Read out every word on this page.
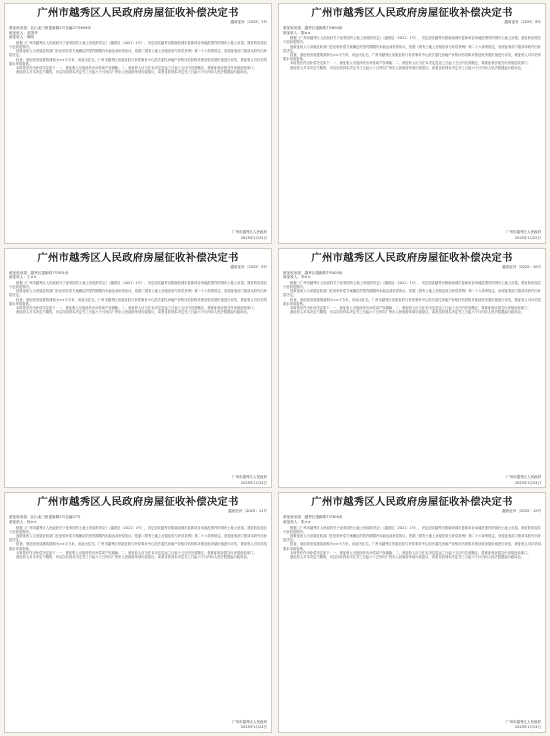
广州市越秀区人民政府房屋征收补偿决定书
越府征补〔2025〕7号
被征收房屋：北山北门里建新路2号自编27号809房
被征收人：宋国华
被征收人：陈明

根据《广州市越秀区人民政府关于征收国有土地上房屋的决定》（越府征〔2021〕1号），决定征收越秀北路南段城市更新项目用地范围内的国有土地上房屋。被征收房屋位于征收范围内。

因被征收人与房屋征收部门在征收补偿方案确定的签约期限内未能达成补偿协议，依据《国有土地上房屋征收与补偿条例》第二十六条的规定，房屋征收部门报请本府作出补偿决定。

经查，被征收房屋建筑面积为××平方米，用途为住宅。广州市越秀区房屋征收与补偿事务中心依法委托房地产价格评估机构对被征收房屋价值进行评估，被征收人对评估结果未申请复核。

本府依法作出补偿决定如下：一、被征收人可选择货币补偿或产权调换；二、被征收人应当在本决定送达之日起十五日内完成搬迁，将被征收房屋交付房屋征收部门。

被征收人对本决定不服的，可以自收到本决定书之日起六十日内向广州市人民政府申请行政复议，或者自收到本决定书之日起六个月内向人民法院提起行政诉讼。

广州市越秀区人民政府
2025年1月22日
广州市越秀区人民政府房屋征收补偿决定书
越府征补〔2025〕8号
被征收房屋：越秀区建新路7号604房
被征收人：陈××

根据《广州市越秀区人民政府关于征收国有土地上房屋的决定》（越府征〔2021〕1号），决定征收越秀北路南段城市更新项目用地范围内的国有土地上房屋。被征收房屋位于征收范围内。

因被征收人与房屋征收部门在征收补偿方案确定的签约期限内未能达成补偿协议，依据《国有土地上房屋征收与补偿条例》第二十六条的规定，房屋征收部门报请本府作出补偿决定。

经查，被征收房屋建筑面积为××平方米，用途为住宅。广州市越秀区房屋征收与补偿事务中心依法委托房地产价格评估机构对被征收房屋价值进行评估，被征收人对评估结果未申请复核。

本府依法作出补偿决定如下：一、被征收人可选择货币补偿或产权调换；二、被征收人应当在本决定送达之日起十五日内完成搬迁，将被征收房屋交付房屋征收部门。

被征收人对本决定不服的，可以自收到本决定书之日起六十日内向广州市人民政府申请行政复议，或者自收到本决定书之日起六个月内向人民法院提起行政诉讼。

广州市越秀区人民政府
2025年1月22日
广州市越秀区人民政府房屋征收补偿决定书
越府征补〔2025〕9号
被征收房屋：越秀区建新路7号501房
被征收人：王××

根据《广州市越秀区人民政府关于征收国有土地上房屋的决定》（越府征〔2021〕1号），决定征收越秀北路南段城市更新项目用地范围内的国有土地上房屋。被征收房屋位于征收范围内。

因被征收人与房屋征收部门在征收补偿方案确定的签约期限内未能达成补偿协议，依据《国有土地上房屋征收与补偿条例》第二十六条的规定，房屋征收部门报请本府作出补偿决定。

经查，被征收房屋建筑面积为××平方米，用途为住宅。广州市越秀区房屋征收与补偿事务中心依法委托房地产价格评估机构对被征收房屋价值进行评估，被征收人对评估结果未申请复核。

本府依法作出补偿决定如下：一、被征收人可选择货币补偿或产权调换；二、被征收人应当在本决定送达之日起十五日内完成搬迁，将被征收房屋交付房屋征收部门。

被征收人对本决定不服的，可以自收到本决定书之日起六十日内向广州市人民政府申请行政复议，或者自收到本决定书之日起六个月内向人民法院提起行政诉讼。

广州市越秀区人民政府
2025年1月24日
广州市越秀区人民政府房屋征收补偿决定书
越府征补〔2025〕10号
被征收房屋：越秀区建新路7号403房
被征收人：李××

根据《广州市越秀区人民政府关于征收国有土地上房屋的决定》（越府征〔2021〕1号），决定征收越秀北路南段城市更新项目用地范围内的国有土地上房屋。被征收房屋位于征收范围内。

因被征收人与房屋征收部门在征收补偿方案确定的签约期限内未能达成补偿协议，依据《国有土地上房屋征收与补偿条例》第二十六条的规定，房屋征收部门报请本府作出补偿决定。

经查，被征收房屋建筑面积为××平方米，用途为住宅。广州市越秀区房屋征收与补偿事务中心依法委托房地产价格评估机构对被征收房屋价值进行评估，被征收人对评估结果未申请复核。

本府依法作出补偿决定如下：一、被征收人可选择货币补偿或产权调换；二、被征收人应当在本决定送达之日起十五日内完成搬迁，将被征收房屋交付房屋征收部门。

被征收人对本决定不服的，可以自收到本决定书之日起六十日内向广州市人民政府申请行政复议，或者自收到本决定书之日起六个月内向人民法院提起行政诉讼。

广州市越秀区人民政府
2025年1月24日
广州市越秀区人民政府房屋征收补偿决定书
越府征补〔2025〕11号
被征收房屋：北山北门里建新路2号自编27号
被征收人：杨××

根据《广州市越秀区人民政府关于征收国有土地上房屋的决定》（越府征〔2021〕1号），决定征收越秀北路南段城市更新项目用地范围内的国有土地上房屋。被征收房屋位于征收范围内。

因被征收人与房屋征收部门在征收补偿方案确定的签约期限内未能达成补偿协议，依据《国有土地上房屋征收与补偿条例》第二十六条的规定，房屋征收部门报请本府作出补偿决定。

经查，被征收房屋建筑面积为××平方米，用途为住宅。广州市越秀区房屋征收与补偿事务中心依法委托房地产价格评估机构对被征收房屋价值进行评估，被征收人对评估结果未申请复核。

本府依法作出补偿决定如下：一、被征收人可选择货币补偿或产权调换；二、被征收人应当在本决定送达之日起十五日内完成搬迁，将被征收房屋交付房屋征收部门。

被征收人对本决定不服的，可以自收到本决定书之日起六十日内向广州市人民政府申请行政复议，或者自收到本决定书之日起六个月内向人民法院提起行政诉讼。

广州市越秀区人民政府
2025年1月24日
广州市越秀区人民政府房屋征收补偿决定书
越府征补〔2025〕12号
被征收房屋：越秀区建新路7号305房
被征收人：张××

根据《广州市越秀区人民政府关于征收国有土地上房屋的决定》（越府征〔2021〕1号），决定征收越秀北路南段城市更新项目用地范围内的国有土地上房屋。被征收房屋位于征收范围内。

因被征收人与房屋征收部门在征收补偿方案确定的签约期限内未能达成补偿协议，依据《国有土地上房屋征收与补偿条例》第二十六条的规定，房屋征收部门报请本府作出补偿决定。

经查，被征收房屋建筑面积为××平方米，用途为住宅。广州市越秀区房屋征收与补偿事务中心依法委托房地产价格评估机构对被征收房屋价值进行评估，被征收人对评估结果未申请复核。

本府依法作出补偿决定如下：一、被征收人可选择货币补偿或产权调换；二、被征收人应当在本决定送达之日起十五日内完成搬迁，将被征收房屋交付房屋征收部门。

被征收人对本决定不服的，可以自收到本决定书之日起六十日内向广州市人民政府申请行政复议，或者自收到本决定书之日起六个月内向人民法院提起行政诉讼。

广州市越秀区人民政府
2025年1月24日
